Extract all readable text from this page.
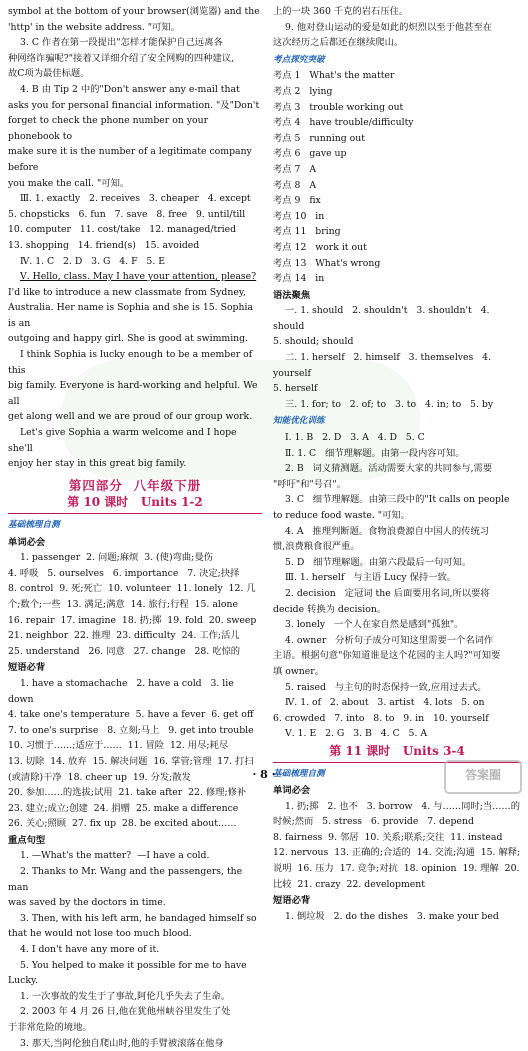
symbol at the bottom of your browser(浏览器) and the
'http' in the website address. "可知。
3. C 作者在第一段提出"怎样才能保护自己远离各
种网络诈骗呢?"接着又详细介绍了安全网购的四种建议,
故C项为最佳标题。
4. B 由 Tip 2 中的"Don't answer any e-mail that
asks you for personal financial information. "及"Don't
forget to check the phone number on your phonebook to
make sure it is the number of a legitimate company before
you make the call. "可知。
Ⅲ. 1. exactly   2. receives   3. cheaper   4. except
5. chopsticks   6. fun   7. save   8. free   9. until/till
10. computer   11. cost/take   12. managed/tried
13. shopping   14. friend(s)   15. avoided
Ⅳ. 1. C   2. D   3. G   4. F   5. E
Ⅴ. Hello, class. May I have your attention, please?
I'd like to introduce a new classmate from Sydney,
Australia. Her name is Sophia and she is 15. Sophia is an
outgoing and happy girl. She is good at swimming.
I think Sophia is lucky enough to be a member of this
big family. Everyone is hard-working and helpful. We all
get along well and we are proud of our group work.
Let's give Sophia a warm welcome and I hope she'll
enjoy her stay in this great big family.
第四部分  八年级下册
第 10 课时   Units 1-2
基础梳理自测
单词必会
1. passenger  2. 问题;麻烦  3. (使)弯曲;曼伤
4. 呼吸   5. ourselves   6. importance   7. 决定;抉择
8. control  9. 死;死亡  10. volunteer  11. lonely  12. 几个;数个;一些  13. 满足;满意  14. 旅行;行程  15. alone
16. repair  17. imagine  18. 扔;掷  19. fold  20. sweep
21. neighbor  22. 推理  23. difficulty  24. 工作;活儿
25. understand   26. 同意   27. change   28. 吃惊的
短语必背
1. have a stomachache   2. have a cold   3. lie down
4. take one's temperature  5. have a fever  6. get off
7. to one's surprise   8. 立刻;马上   9. get into trouble
10. 习惯于……;适应于……  11. 冒险  12. 用尽;耗尽
13. 切除  14. 放弃  15. 解决问题  16. 掌管;管理  17. 打扫(或清除)干净  18. cheer up  19. 分发;散发
20. 参加……的选拔;试用  21. take after  22. 修理;修补
23. 建立;成立;创建  24. 捐赠  25. make a difference
26. 关心;照顾  27. fix up  28. be excited about……
重点句型
1. —What's the matter?  —I have a cold.
2. Thanks to Mr. Wang and the passengers, the man
was saved by the doctors in time.
3. Then, with his left arm, he bandaged himself so
that he would not lose too much blood.
4. I don't have any more of it.
5. You helped to make it possible for me to have
Lucky.
1. 一次事故的发生于了事故,阿伦几乎失去了生命。
2. 2003 年 4 月 26 日,他在犹他州峡谷里发生了处
于非常危险的境地。
3. 那天,当阿伦独自爬山时,他的手臂被滚落在他身
上的一块 360 千克的岩石压住。
9. 他对登山运动的爱是如此的炽烈以至于他甚至在
这次经历之后都还在继续爬山。
考点探究突破
考点 1   What's the matter
考点 2   lying
考点 3   trouble working out
考点 4   have trouble/difficulty
考点 5   running out
考点 6   gave up
考点 7   A
考点 8   A
考点 9   fix
考点 10   in
考点 11   bring
考点 12   work it out
考点 13   What's wrong
考点 14   in
语法聚焦
一. 1. should   2. shouldn't   3. shouldn't   4. should
5. should; should
二. 1. herself   2. himself   3. themselves   4. yourself
5. herself
三. 1. for; to   2. of; to   3. to   4. in; to   5. by
知能优化训练
Ⅰ. 1. B   2. D   3. A   4. D   5. C
Ⅱ. 1. C   细节理解题。由第一段内容可知。
2. B   词义猜测题。活动需要大家的共同参与,需要
"呼吁"和"号召"。
3. C   细节理解题。由第三段中的"It calls on people
to reduce food waste. "可知。
4. A   推理判断题。食物浪费源自中国人的传统习
惯,浪费粮食很严重。
5. D   细节理解题。由第六段最后一句可知。
Ⅲ. 1. herself   与主语 Lucy 保持一致。
2. decision   定冠词 the 后面要用名词,所以要将
decide 转换为 decision。
3. lonely   一个人在家自然是感到"孤独"。
4. owner   分析句子成分可知这里需要一个名词作
主语。根据句意"你知道谁是这个花园的主人吗?"可知要
填 owner。
5. raised   与主句的时态保持一致,应用过去式。
Ⅳ. 1. of   2. about   3. artist   4. lots   5. on
6. crowded   7. into   8. to   9. in   10. yourself
Ⅴ. 1. E   2. G   3. B   4. C   5. A
第 11 课时   Units 3-4
基础梳理自测
单词必会
1. 扔;掷   2. 也不   3. borrow   4. 与……同时;当……的时候;然而   5. stress   6. provide   7. depend
8. fairness  9. 邻居  10. 关系;联系;交往  11. instead
12. nervous  13. 正确的;合适的  14. 交流;沟通  15. 解释;说明  16. 压力  17. 竞争;对抗  18. opinion  19. 理解  20. 比较  21. crazy  22. development
短语必背
1. 倒垃圾   2. do the dishes   3. make your bed
· 8 ·	答案圈
